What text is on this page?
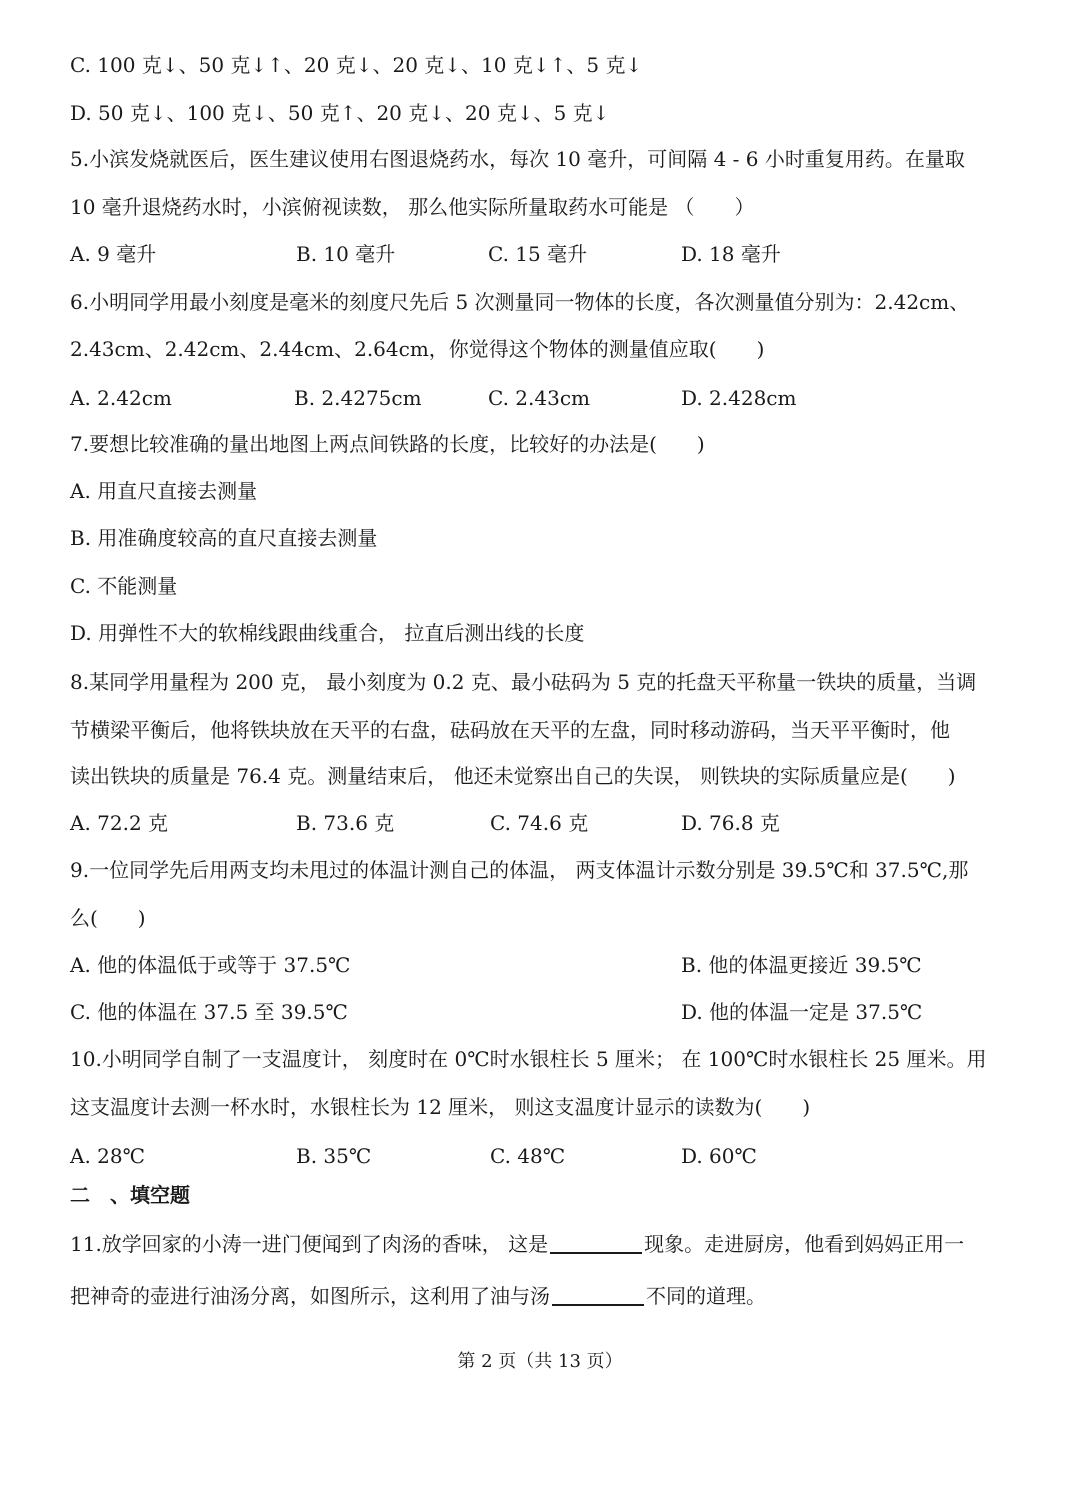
C. 100 克↓、50 克↓↑、20 克↓、20 克↓、10 克↓↑、5 克↓
D. 50 克↓、100 克↓、50 克↑、20 克↓、20 克↓、5 克↓
5.小滨发烧就医后，医生建议使用右图退烧药水，每次 10 毫升，可间隔 4 - 6 小时重复用药。在量取
10 毫升退烧药水时，小滨俯视读数， 那么他实际所量取药水可能是 （　　）
A. 9 毫升	B. 10 毫升	C. 15 毫升	D. 18 毫升
6.小明同学用最小刻度是毫米的刻度尺先后 5 次测量同一物体的长度，各次测量值分别为：2.42cm、
2.43cm、2.42cm、2.44cm、2.64cm，你觉得这个物体的测量值应取(　　)
A. 2.42cm	B. 2.4275cm	C. 2.43cm	D. 2.428cm
7.要想比较准确的量出地图上两点间铁路的长度，比较好的办法是(　　)
A. 用直尺直接去测量
B. 用准确度较高的直尺直接去测量
C. 不能测量
D. 用弹性不大的软棉线跟曲线重合， 拉直后测出线的长度
8.某同学用量程为 200 克， 最小刻度为 0.2 克、最小砝码为 5 克的托盘天平称量一铁块的质量，当调
节横梁平衡后，他将铁块放在天平的右盘，砝码放在天平的左盘，同时移动游码，当天平平衡时，他
读出铁块的质量是 76.4 克。测量结束后， 他还未觉察出自己的失误， 则铁块的实际质量应是(　　)
A. 72.2 克	B. 73.6 克	C. 74.6 克	D. 76.8 克
9.一位同学先后用两支均未甩过的体温计测自己的体温， 两支体温计示数分别是 39.5℃和 37.5℃,那
么(　　)
A. 他的体温低于或等于 37.5℃	B. 他的体温更接近 39.5℃
C. 他的体温在 37.5 至 39.5℃	D. 他的体温一定是 37.5℃
10.小明同学自制了一支温度计， 刻度时在 0℃时水银柱长 5 厘米； 在 100℃时水银柱长 25 厘米。用
这支温度计去测一杯水时，水银柱长为 12 厘米， 则这支温度计显示的读数为(　　)
A. 28℃	B. 35℃	C. 48℃	D. 60℃
二　、填空题
11.放学回家的小涛一进门便闻到了肉汤的香味， 这是	现象。走进厨房，他看到妈妈正用一
把神奇的壶进行油汤分离，如图所示，这利用了油与汤	不同的道理。
第 2 页（共 13 页）
